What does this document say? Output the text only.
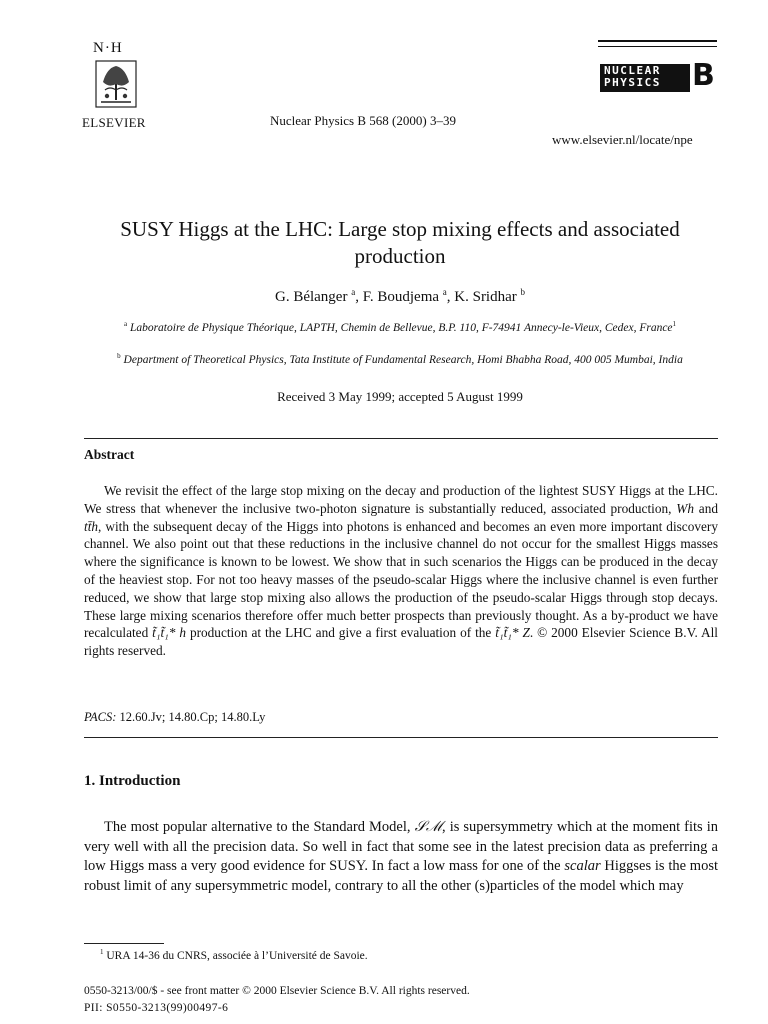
N·H
ELSEVIER	Nuclear Physics B 568 (2000) 3–39
www.elsevier.nl/locate/npe
NUCLEAR
PHYSICS B
SUSY Higgs at the LHC: Large stop mixing effects and associated production
G. Bélanger $^a$, F. Boudjema $^a$, K. Sridhar $^b$
$^a$ Laboratoire de Physique Théorique, LAPTH, Chemin de Bellevue, B.P. 110, F-74941 Annecy-le-Vieux, Cedex, France$^1$
$^b$ Department of Theoretical Physics, Tata Institute of Fundamental Research, Homi Bhabha Road, 400 005 Mumbai, India
Received 3 May 1999; accepted 5 August 1999
Abstract
We revisit the effect of the large stop mixing on the decay and production of the lightest SUSY Higgs at the LHC. We stress that whenever the inclusive two-photon signature is substantially reduced, associated production, Wh and tt̄h, with the subsequent decay of the Higgs into photons is enhanced and becomes an even more important discovery channel. We also point out that these reductions in the inclusive channel do not occur for the smallest Higgs masses where the significance is known to be lowest. We show that in such scenarios the Higgs can be produced in the decay of the heaviest stop. For not too heavy masses of the pseudo-scalar Higgs where the inclusive channel is even further reduced, we show that large stop mixing also allows the production of the pseudo-scalar Higgs through stop decays. These large mixing scenarios therefore offer much better prospects than previously thought. As a by-product we have recalculated t̃₁t̃₁* h production at the LHC and give a first evaluation of the t̃₁t̃₁* Z. © 2000 Elsevier Science B.V. All rights reserved.
PACS: 12.60.Jv; 14.80.Cp; 14.80.Ly
1. Introduction
The most popular alternative to the Standard Model, 𝒮ℳ, is supersymmetry which at the moment fits in very well with all the precision data. So well in fact that some see in the latest precision data as preferring a low Higgs mass a very good evidence for SUSY. In fact a low mass for one of the scalar Higgses is the most robust limit of any supersymmetric model, contrary to all the other (s)particles of the model which may
$^1$ URA 14-36 du CNRS, associée à l’Université de Savoie.
0550-3213/00/$ - see front matter © 2000 Elsevier Science B.V. All rights reserved.
PII: S0550-3213(99)00497-6
